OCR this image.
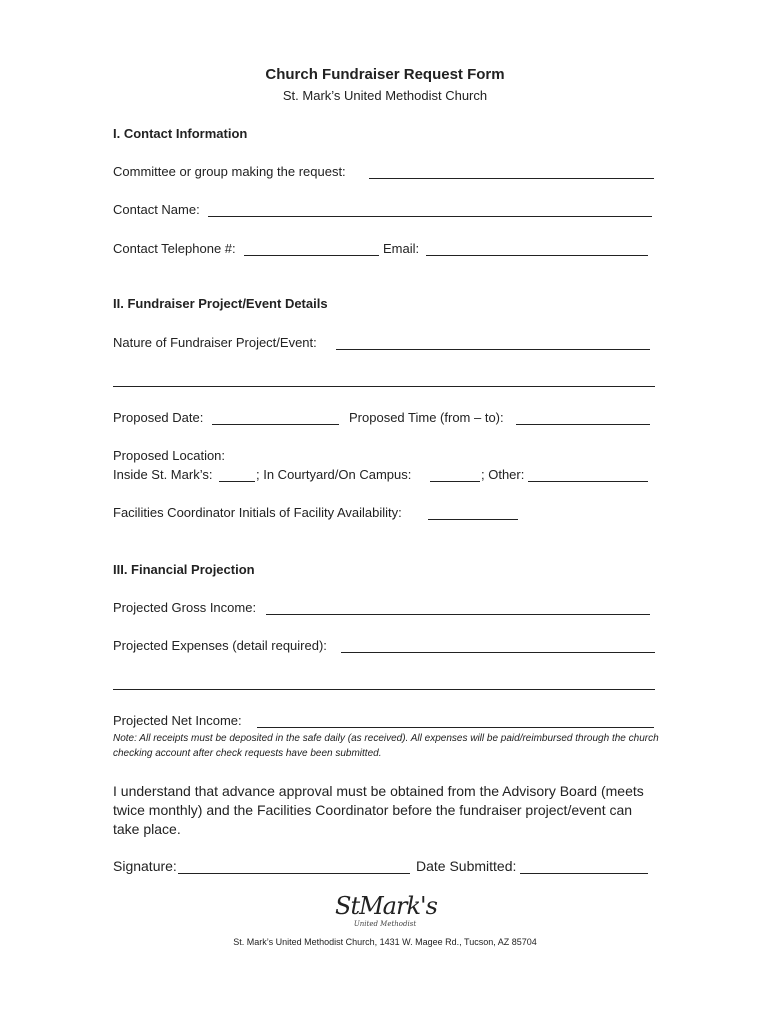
Church Fundraiser Request Form
St. Mark’s United Methodist Church
I. Contact Information
Committee or group making the request:
Contact Name:
Contact Telephone #:	Email:
II. Fundraiser Project/Event Details
Nature of Fundraiser Project/Event:
Proposed Date:	Proposed Time (from – to):
Proposed Location:
Inside St. Mark’s:	; In Courtyard/On Campus:	; Other:
Facilities Coordinator Initials of Facility Availability:
III. Financial Projection
Projected Gross Income:
Projected Expenses (detail required):
Projected Net Income:
Note: All receipts must be deposited in the safe daily (as received). All expenses will be paid/reimbursed through the church checking account after check requests have been submitted.
I understand that advance approval must be obtained from the Advisory Board (meets twice monthly) and the Facilities Coordinator before the fundraiser project/event can take place.
Signature:	Date Submitted:
StMark's
United Methodist
St. Mark’s United Methodist Church, 1431 W. Magee Rd., Tucson, AZ 85704
